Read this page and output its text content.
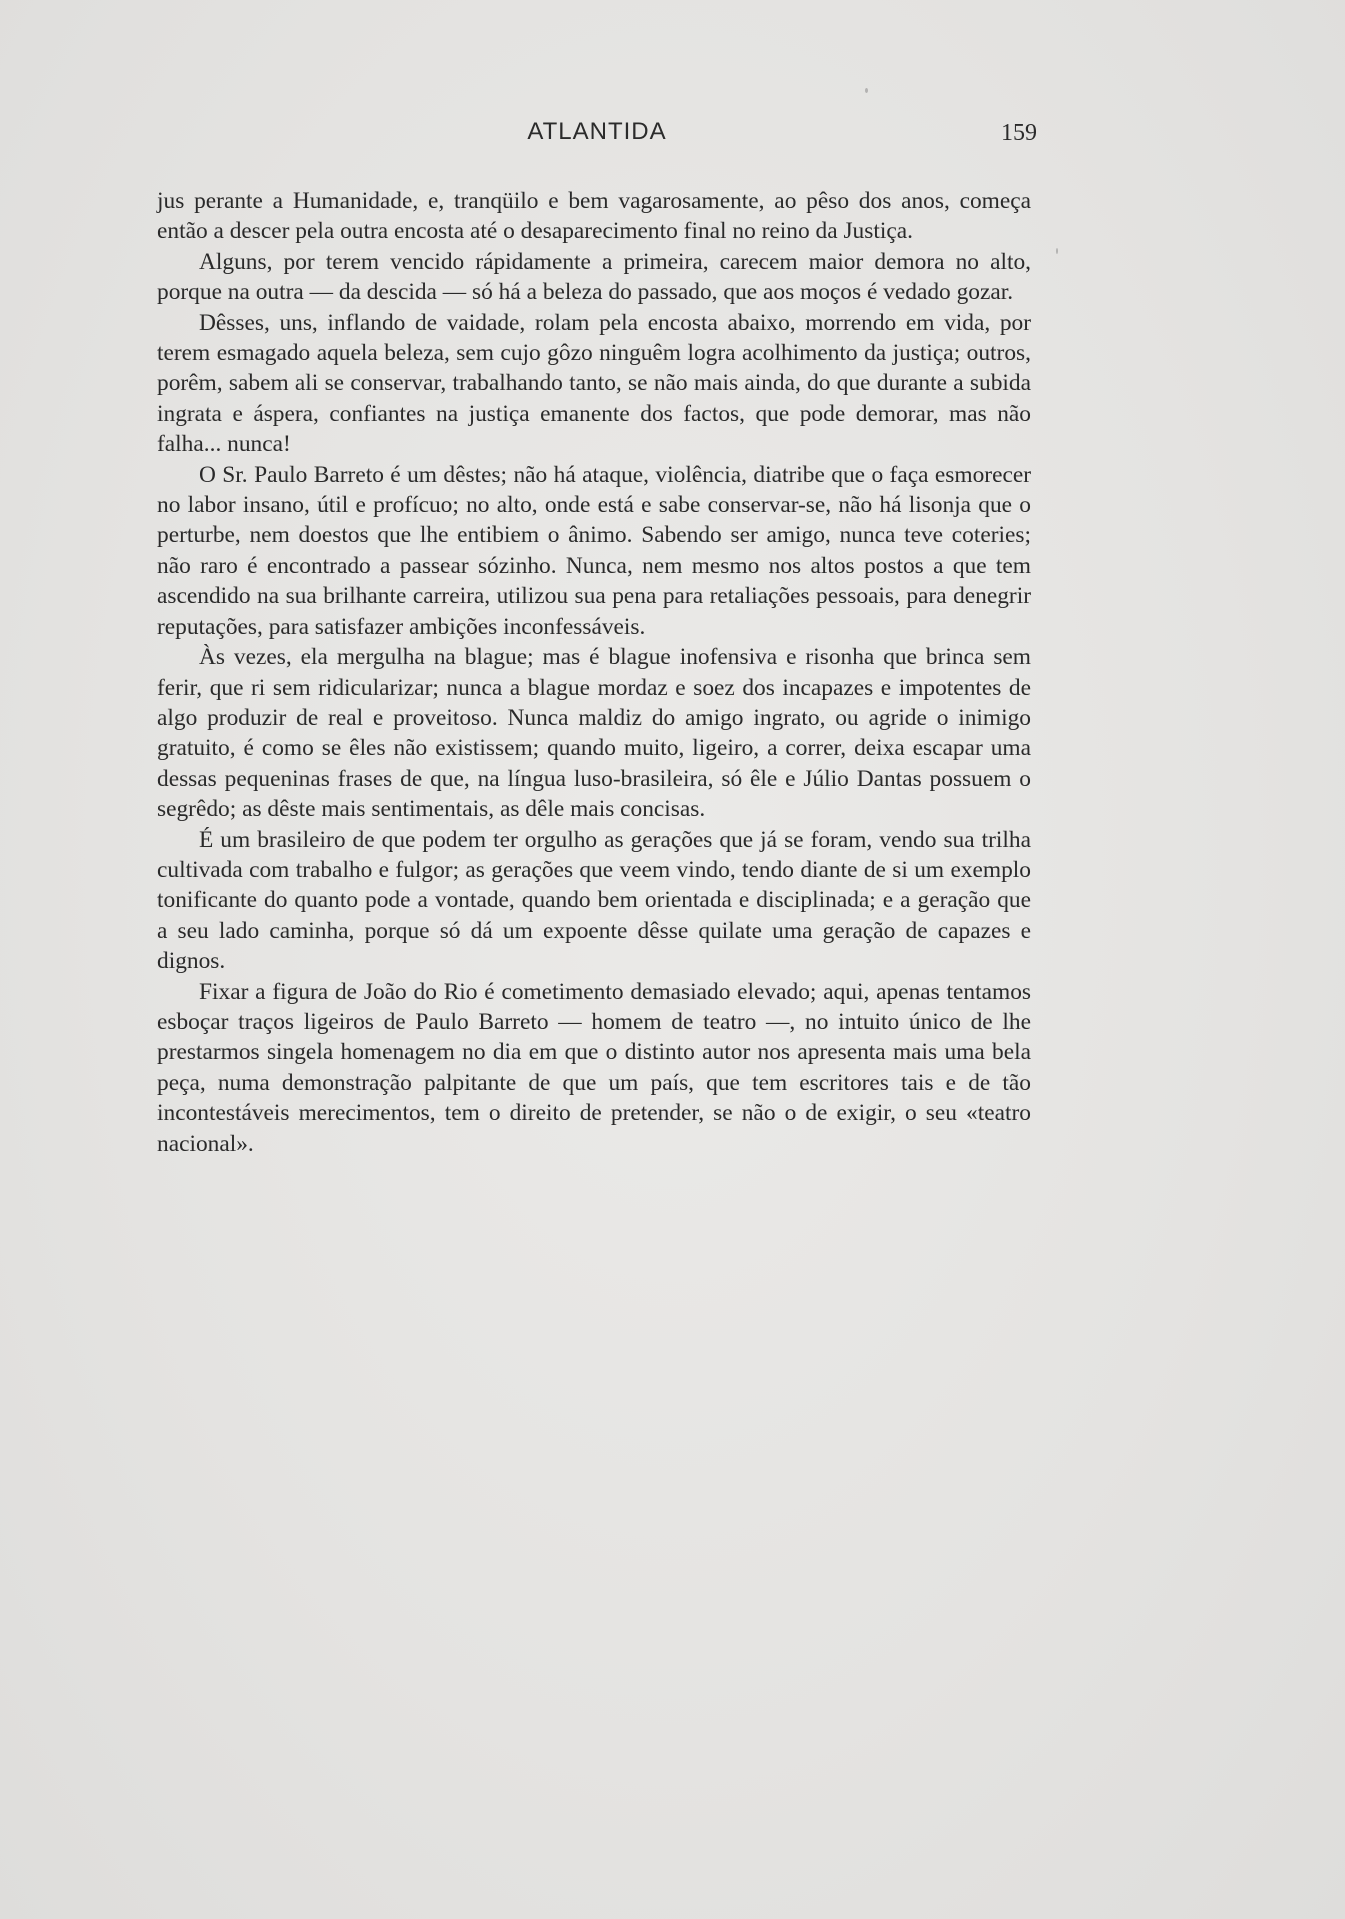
ATLANTIDA	159

jus perante a Humanidade, e, tranqüilo e bem vagarosamente, ao pêso dos anos, começa então a descer pela outra encosta até o desaparecimento final no reino da Justiça.

Alguns, por terem vencido rápidamente a primeira, carecem maior demora no alto, porque na outra — da descida — só há a beleza do passado, que aos moços é vedado gozar.

Dêsses, uns, inflando de vaidade, rolam pela encosta abaixo, morrendo em vida, por terem esmagado aquela beleza, sem cujo gôzo ninguêm logra acolhimento da justiça; outros, porêm, sabem ali se conservar, trabalhando tanto, se não mais ainda, do que durante a subida ingrata e áspera, confiantes na justiça emanente dos factos, que pode demorar, mas não falha... nunca!

O Sr. Paulo Barreto é um dêstes; não há ataque, violência, diatribe que o faça esmorecer no labor insano, útil e profícuo; no alto, onde está e sabe conservar-se, não há lisonja que o perturbe, nem doestos que lhe entibiem o ânimo. Sabendo ser amigo, nunca teve coteries; não raro é encontrado a passear sózinho. Nunca, nem mesmo nos altos postos a que tem ascendido na sua brilhante carreira, utilizou sua pena para retaliações pessoais, para denegrir reputações, para satisfazer ambições inconfessáveis.

Às vezes, ela mergulha na blague; mas é blague inofensiva e risonha que brinca sem ferir, que ri sem ridicularizar; nunca a blague mordaz e soez dos incapazes e impotentes de algo produzir de real e proveitoso. Nunca maldiz do amigo ingrato, ou agride o inimigo gratuito, é como se êles não existissem; quando muito, ligeiro, a correr, deixa escapar uma dessas pequeninas frases de que, na língua luso-brasileira, só êle e Júlio Dantas possuem o segrêdo; as dêste mais sentimentais, as dêle mais concisas.

É um brasileiro de que podem ter orgulho as gerações que já se foram, vendo sua trilha cultivada com trabalho e fulgor; as gerações que veem vindo, tendo diante de si um exemplo tonificante do quanto pode a vontade, quando bem orientada e disciplinada; e a geração que a seu lado caminha, porque só dá um expoente dêsse quilate uma geração de capazes e dignos.

Fixar a figura de João do Rio é cometimento demasiado elevado; aqui, apenas tentamos esboçar traços ligeiros de Paulo Barreto — homem de teatro —, no intuito único de lhe prestarmos singela homenagem no dia em que o distinto autor nos apresenta mais uma bela peça, numa demonstração palpitante de que um país, que tem escritores tais e de tão incontestáveis merecimentos, tem o direito de pretender, se não o de exigir, o seu «teatro nacional».
